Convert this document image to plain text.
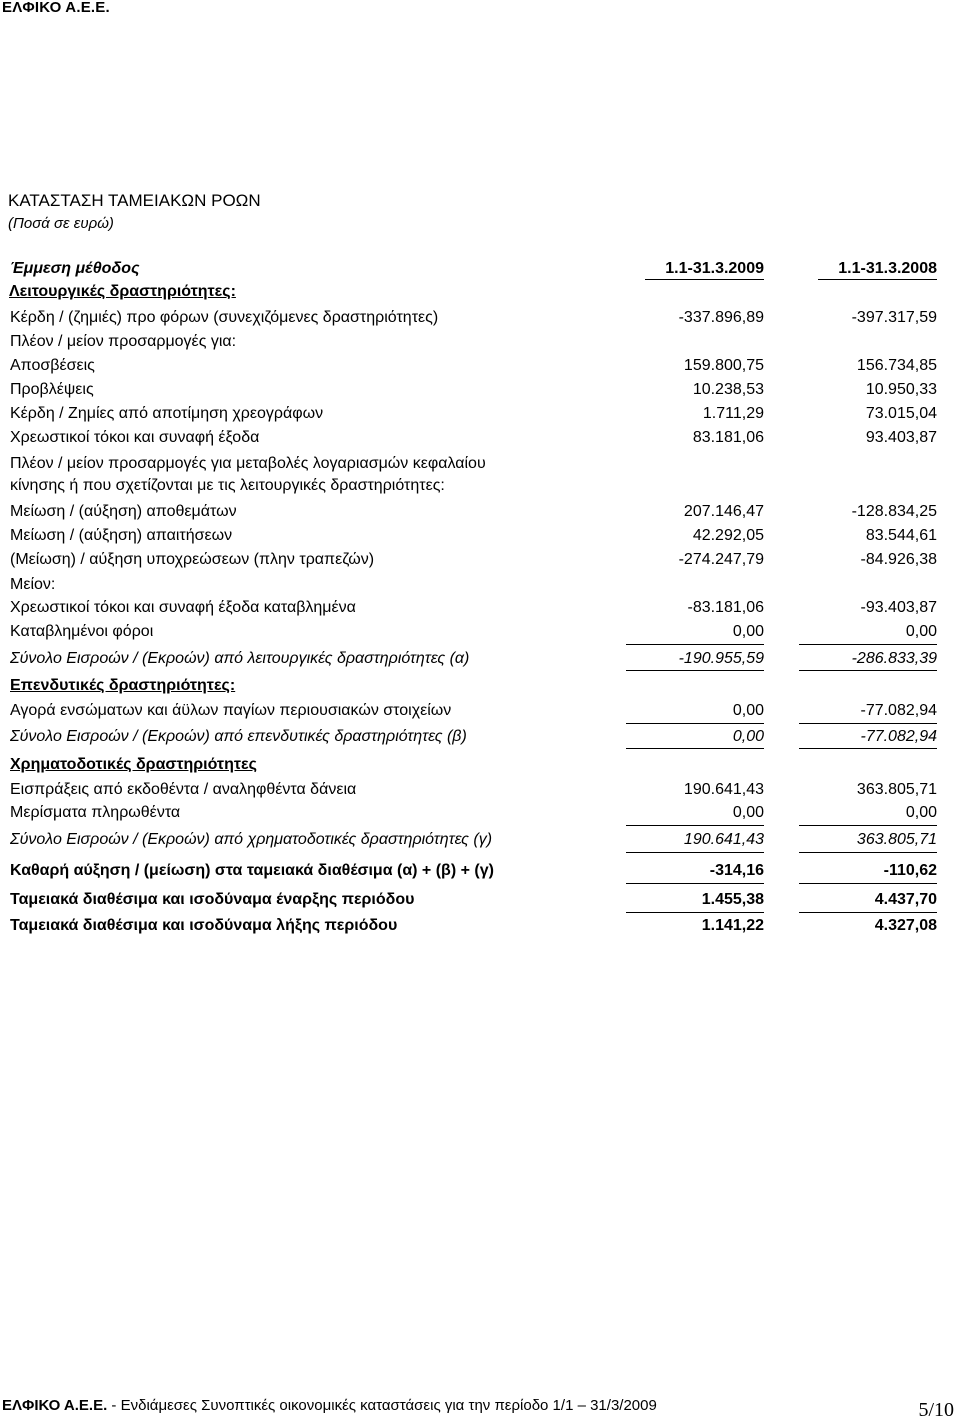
ΕΛΦΙΚΟ Α.Ε.Ε.
ΚΑΤΑΣΤΑΣΗ ΤΑΜΕΙΑΚΩΝ ΡΟΩΝ
(Ποσά σε ευρώ)
Έμμεση μέθοδος	1.1-31.3.2009	1.1-31.3.2008
Λειτουργικές δραστηριότητες:
Κέρδη / (ζημιές) προ φόρων (συνεχιζόμενες δραστηριότητες)	-337.896,89	-397.317,59
Πλέον / μείον προσαρμογές για:
Αποσβέσεις	159.800,75	156.734,85
Προβλέψεις	10.238,53	10.950,33
Κέρδη / Ζημίες από αποτίμηση χρεογράφων	1.711,29	73.015,04
Χρεωστικοί τόκοι και συναφή έξοδα	83.181,06	93.403,87
Πλέον / μείον προσαρμογές για μεταβολές λογαριασμών κεφαλαίου
κίνησης ή που σχετίζονται με τις λειτουργικές δραστηριότητες:
Μείωση / (αύξηση) αποθεμάτων	207.146,47	-128.834,25
Μείωση / (αύξηση) απαιτήσεων	42.292,05	83.544,61
(Μείωση) / αύξηση υποχρεώσεων (πλην τραπεζών)	-274.247,79	-84.926,38
Μείον:
Χρεωστικοί τόκοι και συναφή έξοδα καταβλημένα	-83.181,06	-93.403,87
Καταβλημένοι φόροι	0,00	0,00
Σύνολο Εισροών / (Εκροών) από λειτουργικές δραστηριότητες (α)	-190.955,59	-286.833,39
Επενδυτικές δραστηριότητες:
Αγορά ενσώματων και άϋλων παγίων περιουσιακών στοιχείων	0,00	-77.082,94
Σύνολο Εισροών / (Εκροών) από επενδυτικές δραστηριότητες (β)	0,00	-77.082,94
Χρηματοδοτικές δραστηριότητες
Εισπράξεις από εκδοθέντα / αναληφθέντα δάνεια	190.641,43	363.805,71
Μερίσματα πληρωθέντα	0,00	0,00
Σύνολο Εισροών / (Εκροών) από χρηματοδοτικές δραστηριότητες (γ)	190.641,43	363.805,71
Καθαρή αύξηση / (μείωση) στα ταμειακά διαθέσιμα (α) + (β) + (γ)	-314,16	-110,62
Ταμειακά διαθέσιμα και ισοδύναμα έναρξης περιόδου	1.455,38	4.437,70
Ταμειακά διαθέσιμα και ισοδύναμα λήξης περιόδου	1.141,22	4.327,08
ΕΛΦΙΚΟ Α.Ε.Ε. - Ενδιάμεσες Συνοπτικές οικονομικές καταστάσεις για την περίοδο 1/1 – 31/3/2009	5/10
